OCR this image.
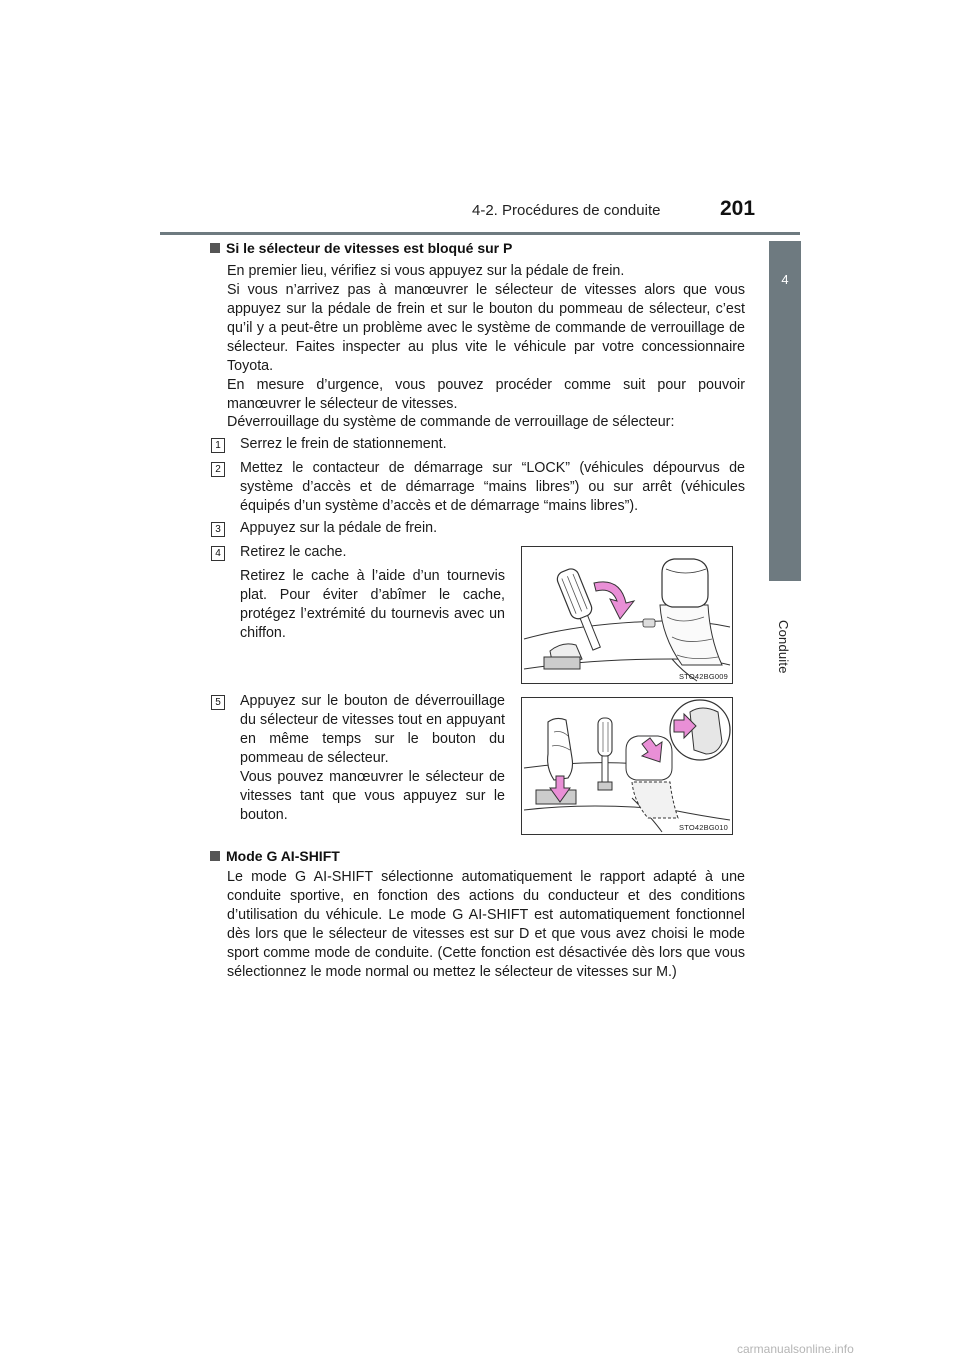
4-2. Procédures de conduite	201
4
Conduite
Si le sélecteur de vitesses est bloqué sur P

En premier lieu, vérifiez si vous appuyez sur la pédale de frein.

Si vous n’arrivez pas à manœuvrer le sélecteur de vitesses alors que vous appuyez sur la pédale de frein et sur le bouton du pommeau de sélecteur, c’est qu’il y a peut-être un problème avec le système de commande de verrouillage de sélecteur. Faites inspecter au plus vite le véhicule par votre concessionnaire Toyota.

En mesure d’urgence, vous pouvez procéder comme suit pour pouvoir manœuvrer le sélecteur de vitesses.

Déverrouillage du système de commande de verrouillage de sélecteur:

1 Serrez le frein de stationnement.

2 Mettez le contacteur de démarrage sur “LOCK” (véhicules dépourvus de système d’accès et de démarrage “mains libres”) ou sur arrêt (véhicules équipés d’un système d’accès et de démarrage “mains libres”).

3 Appuyez sur la pédale de frein.

4 Retirez le cache.

Retirez le cache à l’aide d’un tournevis plat. Pour éviter d’abîmer le cache, protégez l’extrémité du tournevis avec un chiffon.

STO42BG009
5 Appuyez sur le bouton de déverrouillage du sélecteur de vitesses tout en appuyant en même temps sur le bouton du pommeau de sélecteur.

Vous pouvez manœuvrer le sélecteur de vitesses tant que vous appuyez sur le bouton.

STO42BG010
Mode G AI-SHIFT

Le mode G AI-SHIFT sélectionne automatiquement le rapport adapté à une conduite sportive, en fonction des actions du conducteur et des conditions d’utilisation du véhicule. Le mode G AI-SHIFT est automatiquement fonctionnel dès lors que le sélecteur de vitesses est sur D et que vous avez choisi le mode sport comme mode de conduite. (Cette fonction est désactivée dès lors que vous sélectionnez le mode normal ou mettez le sélecteur de vitesses sur M.)

carmanualsonline.info
